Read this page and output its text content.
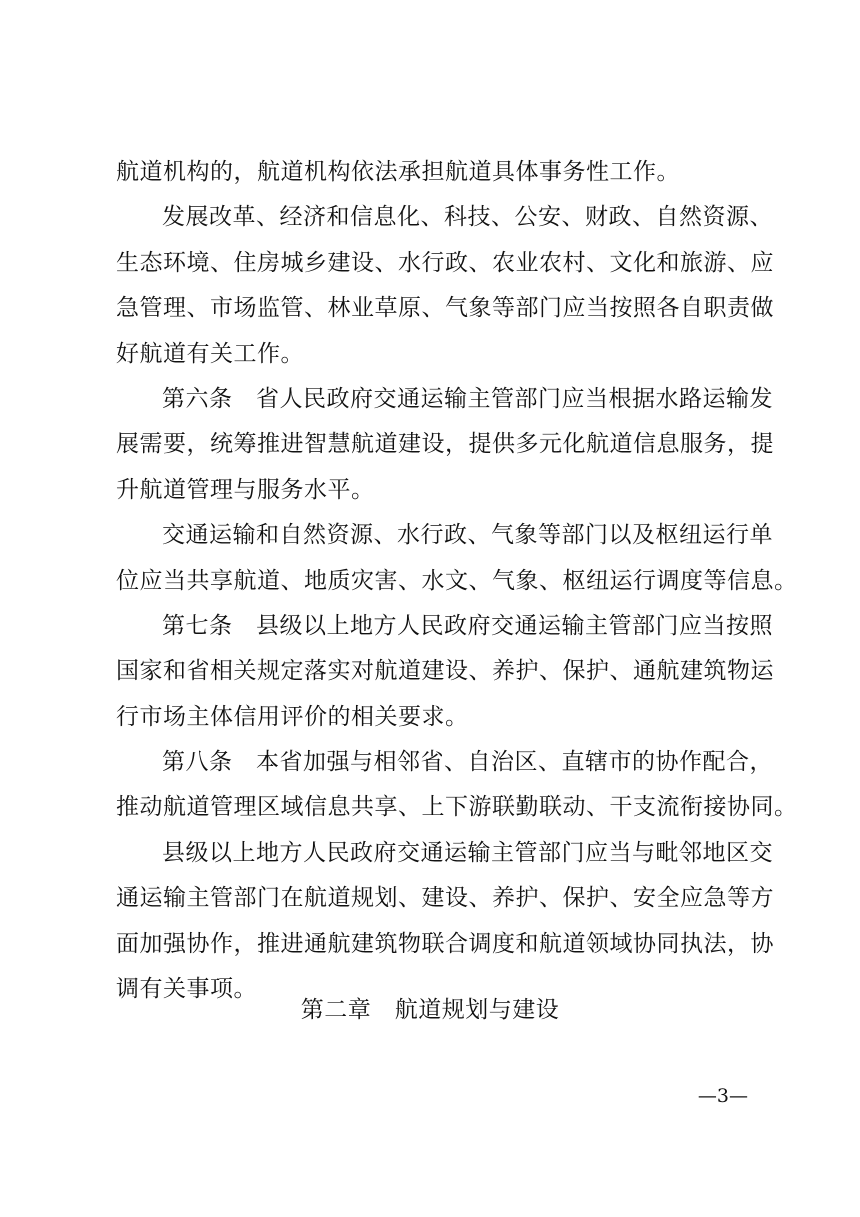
航道机构的，航道机构依法承担航道具体事务性工作。
发展改革、经济和信息化、科技、公安、财政、自然资源、
生态环境、住房城乡建设、水行政、农业农村、文化和旅游、应
急管理、市场监管、林业草原、气象等部门应当按照各自职责做
好航道有关工作。
第六条　省人民政府交通运输主管部门应当根据水路运输发
展需要，统筹推进智慧航道建设，提供多元化航道信息服务，提
升航道管理与服务水平。
交通运输和自然资源、水行政、气象等部门以及枢纽运行单
位应当共享航道、地质灾害、水文、气象、枢纽运行调度等信息。
第七条　县级以上地方人民政府交通运输主管部门应当按照
国家和省相关规定落实对航道建设、养护、保护、通航建筑物运
行市场主体信用评价的相关要求。
第八条　本省加强与相邻省、自治区、直辖市的协作配合，
推动航道管理区域信息共享、上下游联勤联动、干支流衔接协同。
县级以上地方人民政府交通运输主管部门应当与毗邻地区交
通运输主管部门在航道规划、建设、养护、保护、安全应急等方
面加强协作，推进通航建筑物联合调度和航道领域协同执法，协
调有关事项。
第二章　航道规划与建设
—3—
